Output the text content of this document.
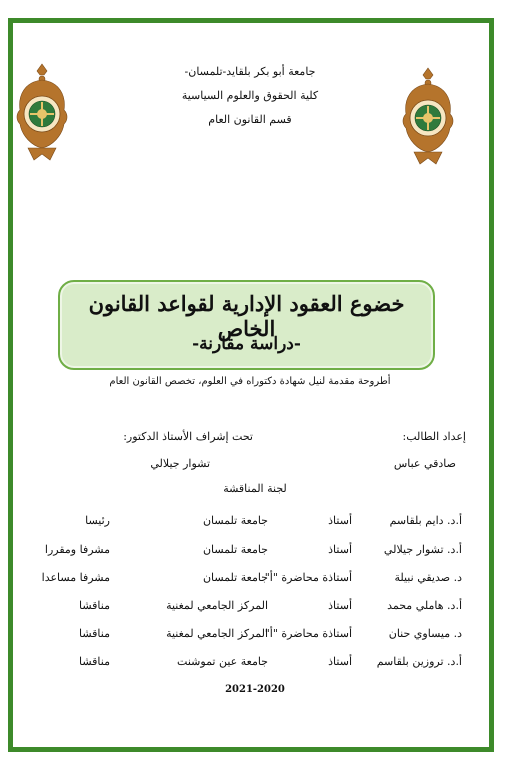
جامعة أبو بكر بلقايد-تلمسان-
كلية الحقوق والعلوم السياسية
قسم القانون العام
خضوع العقود الإدارية لقواعد القانون الخاص
-دراسة مقارنة-
أطروحة مقدمة لنيل شهادة دكتوراه في العلوم، تخصص القانون العام
إعداد الطالب:
تحت إشراف الأستاذ الدكتور:
صادقي عباس
تشوار جيلالي
لجنة المناقشة
أ.د. دايم بلقاسم
أستاذ
جامعة تلمسان
رئيسا
أ.د. تشوار جيلالي
أستاذ
جامعة تلمسان
مشرفا ومقررا
د. صديقي نبيلة
أستاذة محاضرة "أ"
جامعة تلمسان
مشرفا مساعدا
أ.د. هاملي محمد
أستاذ
المركز الجامعي لمغنية
مناقشا
د. ميساوي حنان
أستاذة محاضرة "أ"
المركز الجامعي لمغنية
مناقشا
أ.د. تروزين بلقاسم
أستاذ
جامعة عين تموشنت
مناقشا
2021-2020
